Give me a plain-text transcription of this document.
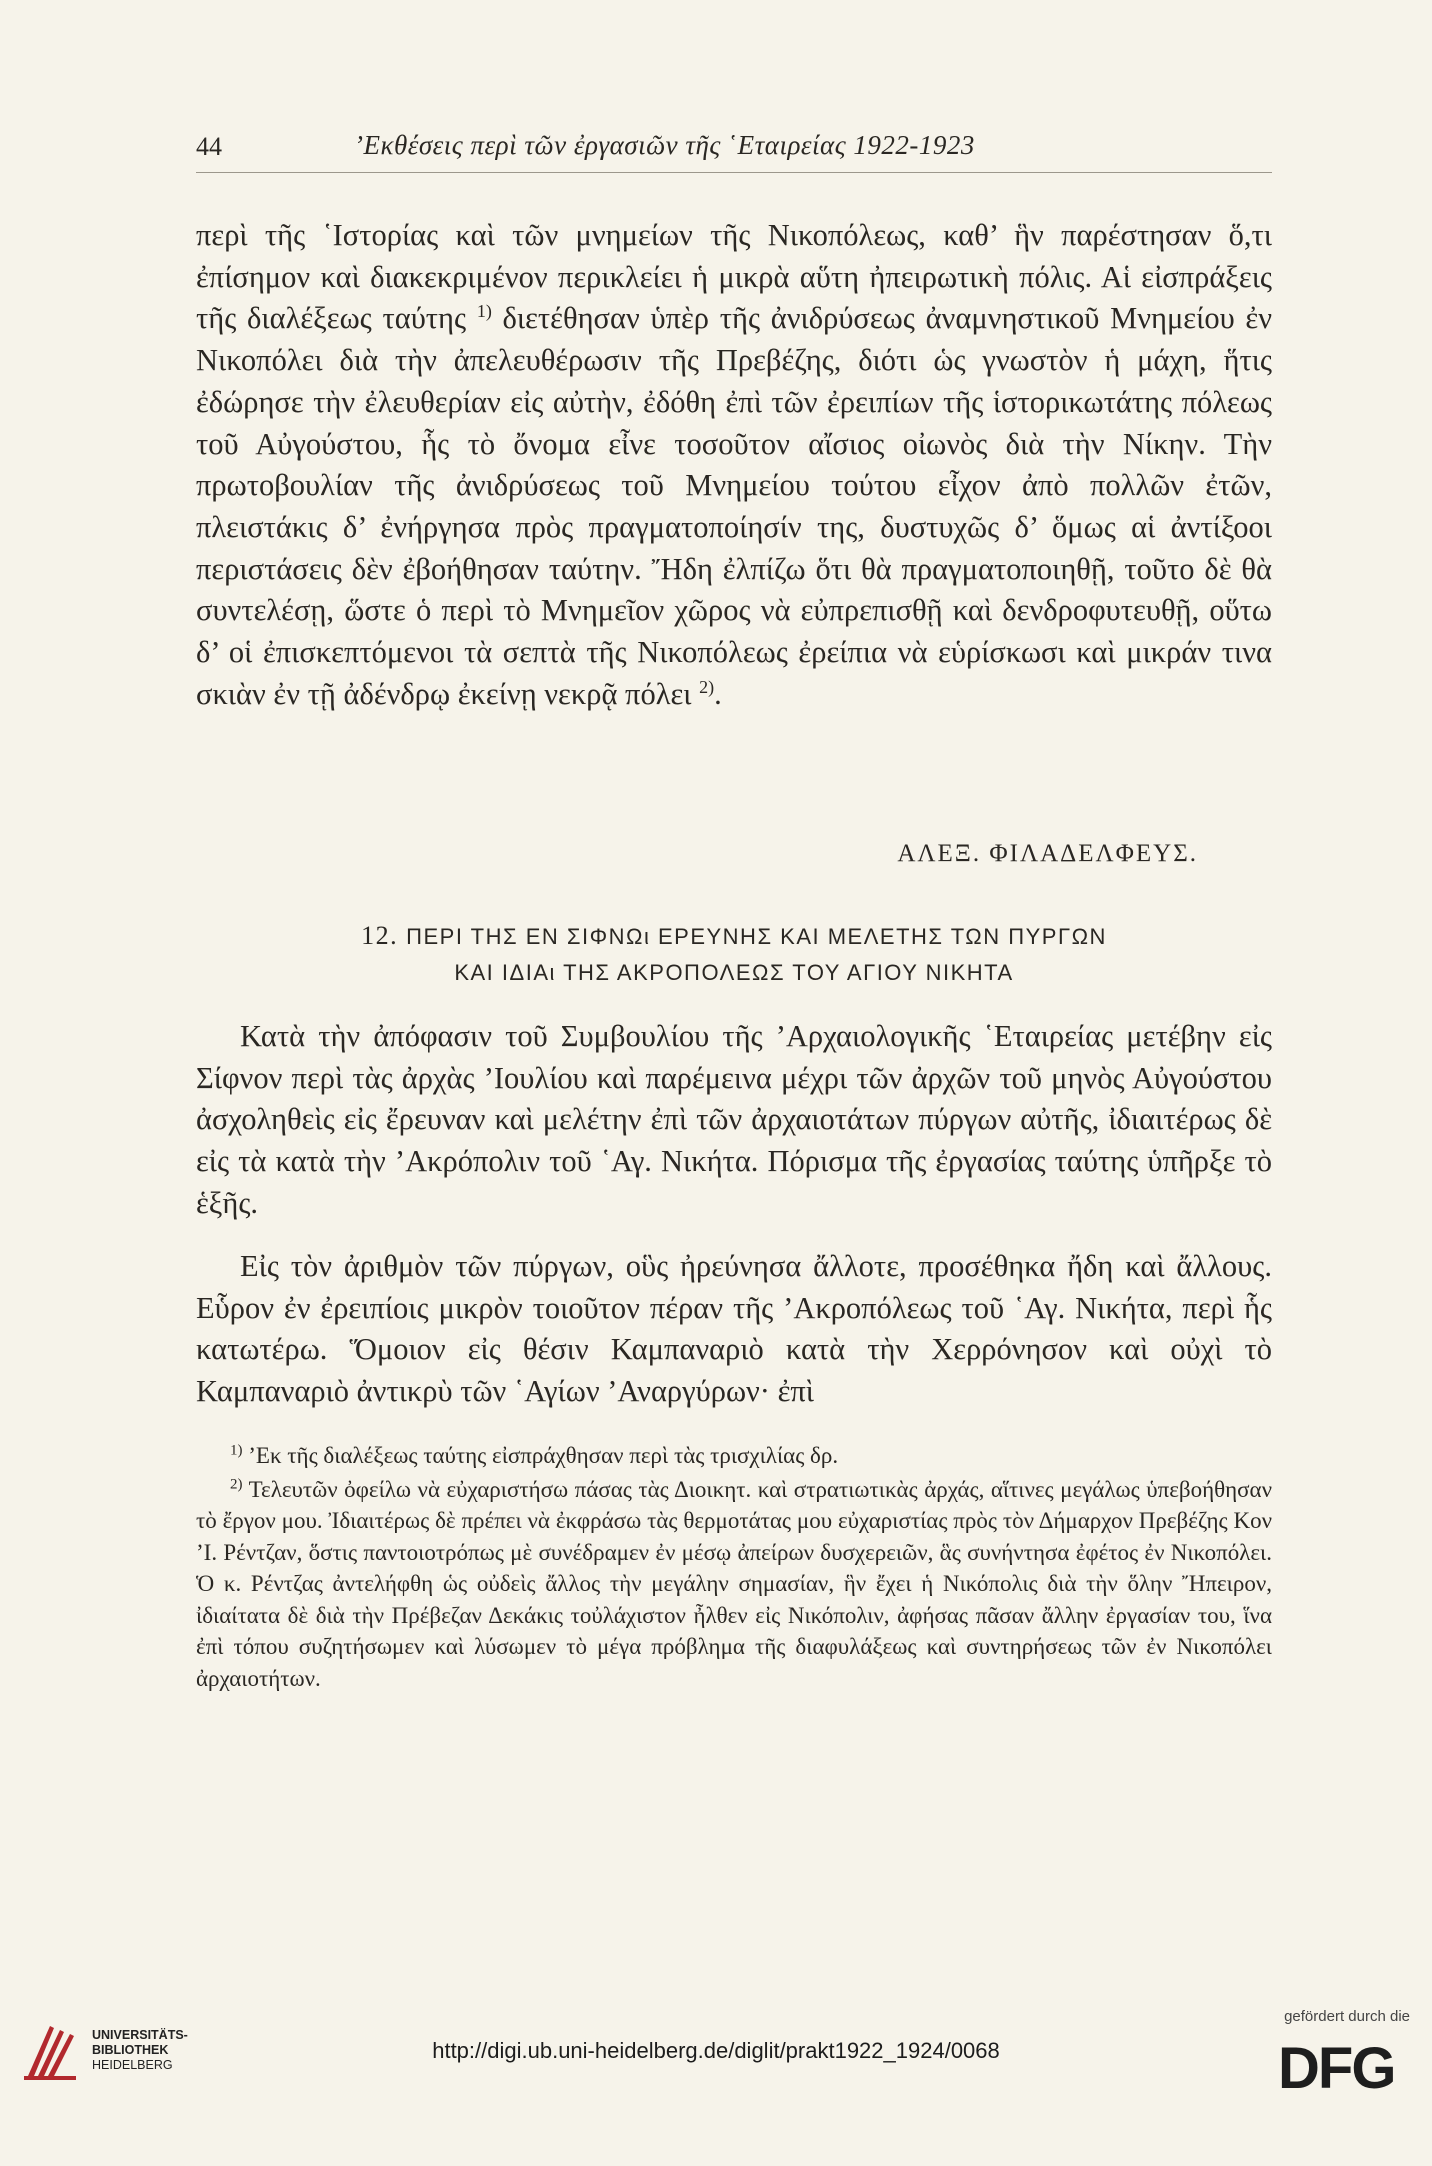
44	’Εκθέσεις περὶ τῶν ἐργασιῶν τῆς ῾Εταιρείας 1922-1923
περὶ τῆς ῾Ιστορίας καὶ τῶν μνημείων τῆς Νικοπόλεως, καθ’ ἣν παρέστησαν ὅ,τι ἐπίσημον καὶ διακεκριμένον περικλείει ἡ μικρὰ αὕτη ἠπειρωτικὴ πόλις. Αἱ εἰσπράξεις τῆς διαλέξεως ταύτης $^{1)}$ διετέθησαν ὑπὲρ τῆς ἀνιδρύσεως ἀναμνηστικοῦ Μνημείου ἐν Νικοπόλει διὰ τὴν ἀπελευθέρωσιν τῆς Πρεβέζης, διότι ὡς γνωστὸν ἡ μάχη, ἥτις ἐδώρησε τὴν ἐλευθερίαν εἰς αὐτὴν, ἐδόθη ἐπὶ τῶν ἐρειπίων τῆς ἱστορικωτάτης πόλεως τοῦ Αὐγούστου, ἧς τὸ ὄνομα εἶνε τοσοῦτον αἴσιος οἰωνὸς διὰ τὴν Νίκην. Τὴν πρωτοβουλίαν τῆς ἀνιδρύσεως τοῦ Μνημείου τούτου εἶχον ἀπὸ πολλῶν ἐτῶν, πλειστάκις δ’ ἐνήργησα πρὸς πραγματοποίησίν της, δυστυχῶς δ’ ὅμως αἱ ἀντίξοοι περιστάσεις δὲν ἐβοήθησαν ταύτην. Ἤδη ἐλπίζω ὅτι θὰ πραγματοποιηθῇ, τοῦτο δὲ θὰ συντελέσῃ, ὥστε ὁ περὶ τὸ Μνημεῖον χῶρος νὰ εὐπρεπισθῇ καὶ δενδροφυτευθῇ, οὕτω δ’ οἱ ἐπισκεπτόμενοι τὰ σεπτὰ τῆς Νικοπόλεως ἐρείπια νὰ εὑρίσκωσι καὶ μικράν τινα σκιὰν ἐν τῇ ἀδένδρῳ ἐκείνῃ νεκρᾷ πόλει $^{2)}$.
ΑΛΕΞ. ΦΙΛΑΔΕΛΦΕΥΣ.
12. ΠΕΡΙ ΤΗΣ ΕΝ ΣΙΦΝΩι ΕΡΕΥΝΗΣ ΚΑΙ ΜΕΛΕΤΗΣ ΤΩΝ ΠΥΡΓΩΝ
ΚΑΙ ΙΔΙΑι ΤΗΣ ΑΚΡΟΠΟΛΕΩΣ ΤΟΥ ΑΓΙΟΥ ΝΙΚΗΤΑ
Κατὰ τὴν ἀπόφασιν τοῦ Συμβουλίου τῆς ’Αρχαιολογικῆς ῾Εταιρείας μετέβην εἰς Σίφνον περὶ τὰς ἀρχὰς ’Ιουλίου καὶ παρέμεινα μέχρι τῶν ἀρχῶν τοῦ μηνὸς Αὐγούστου ἀσχοληθεὶς εἰς ἔρευναν καὶ μελέτην ἐπὶ τῶν ἀρχαιοτάτων πύργων αὐτῆς, ἰδιαιτέρως δὲ εἰς τὰ κατὰ τὴν ’Ακρόπολιν τοῦ ῾Αγ. Νικήτα. Πόρισμα τῆς ἐργασίας ταύτης ὑπῆρξε τὸ ἑξῆς.
Εἰς τὸν ἀριθμὸν τῶν πύργων, οὓς ἠρεύνησα ἄλλοτε, προσέθηκα ἤδη καὶ ἄλλους. Εὗρον ἐν ἐρειπίοις μικρὸν τοιοῦτον πέραν τῆς ’Ακροπόλεως τοῦ ῾Αγ. Νικήτα, περὶ ἧς κατωτέρω. Ὅμοιον εἰς θέσιν Καμπαναριὸ κατὰ τὴν Χερρόνησον καὶ οὐχὶ τὸ Καμπαναριὸ ἀντικρὺ τῶν ῾Αγίων ’Αναργύρων· ἐπὶ

$^{1)}$ ’Εκ τῆς διαλέξεως ταύτης εἰσπράχθησαν περὶ τὰς τρισχιλίας δρ.

$^{2)}$ Τελευτῶν ὀφείλω νὰ εὐχαριστήσω πάσας τὰς Διοικητ. καὶ στρατιωτικὰς ἀρχάς, αἵτινες μεγάλως ὑπεβοήθησαν τὸ ἔργον μου. Ἰδιαιτέρως δὲ πρέπει νὰ ἐκφράσω τὰς θερμοτάτας μου εὐχαριστίας πρὸς τὸν Δήμαρχον Πρεβέζης Κον ’Ι. Ρέντζαν, ὅστις παντοιοτρόπως μὲ συνέδραμεν ἐν μέσῳ ἀπείρων δυσχερειῶν, ἃς συνήντησα ἐφέτος ἐν Νικοπόλει. Ὁ κ. Ρέντζας ἀντελήφθη ὡς οὐδεὶς ἄλλος τὴν μεγάλην σημασίαν, ἣν ἔχει ἡ Νικόπολις διὰ τὴν ὅλην Ἤπειρον, ἰδιαίτατα δὲ διὰ τὴν Πρέβεζαν Δεκάκις τοὐλάχιστον ἦλθεν εἰς Νικόπολιν, ἀφήσας πᾶσαν ἄλλην ἐργασίαν του, ἵνα ἐπὶ τόπου συζητήσωμεν καὶ λύσωμεν τὸ μέγα πρόβλημα τῆς διαφυλάξεως καὶ συντηρήσεως τῶν ἐν Νικοπόλει ἀρχαιοτήτων.

UNIVERSITÄTS-
BIBLIOTHEK
HEIDELBERG
http://digi.ub.uni-heidelberg.de/diglit/prakt1922_1924/0068
gefördert durch die
DFG
